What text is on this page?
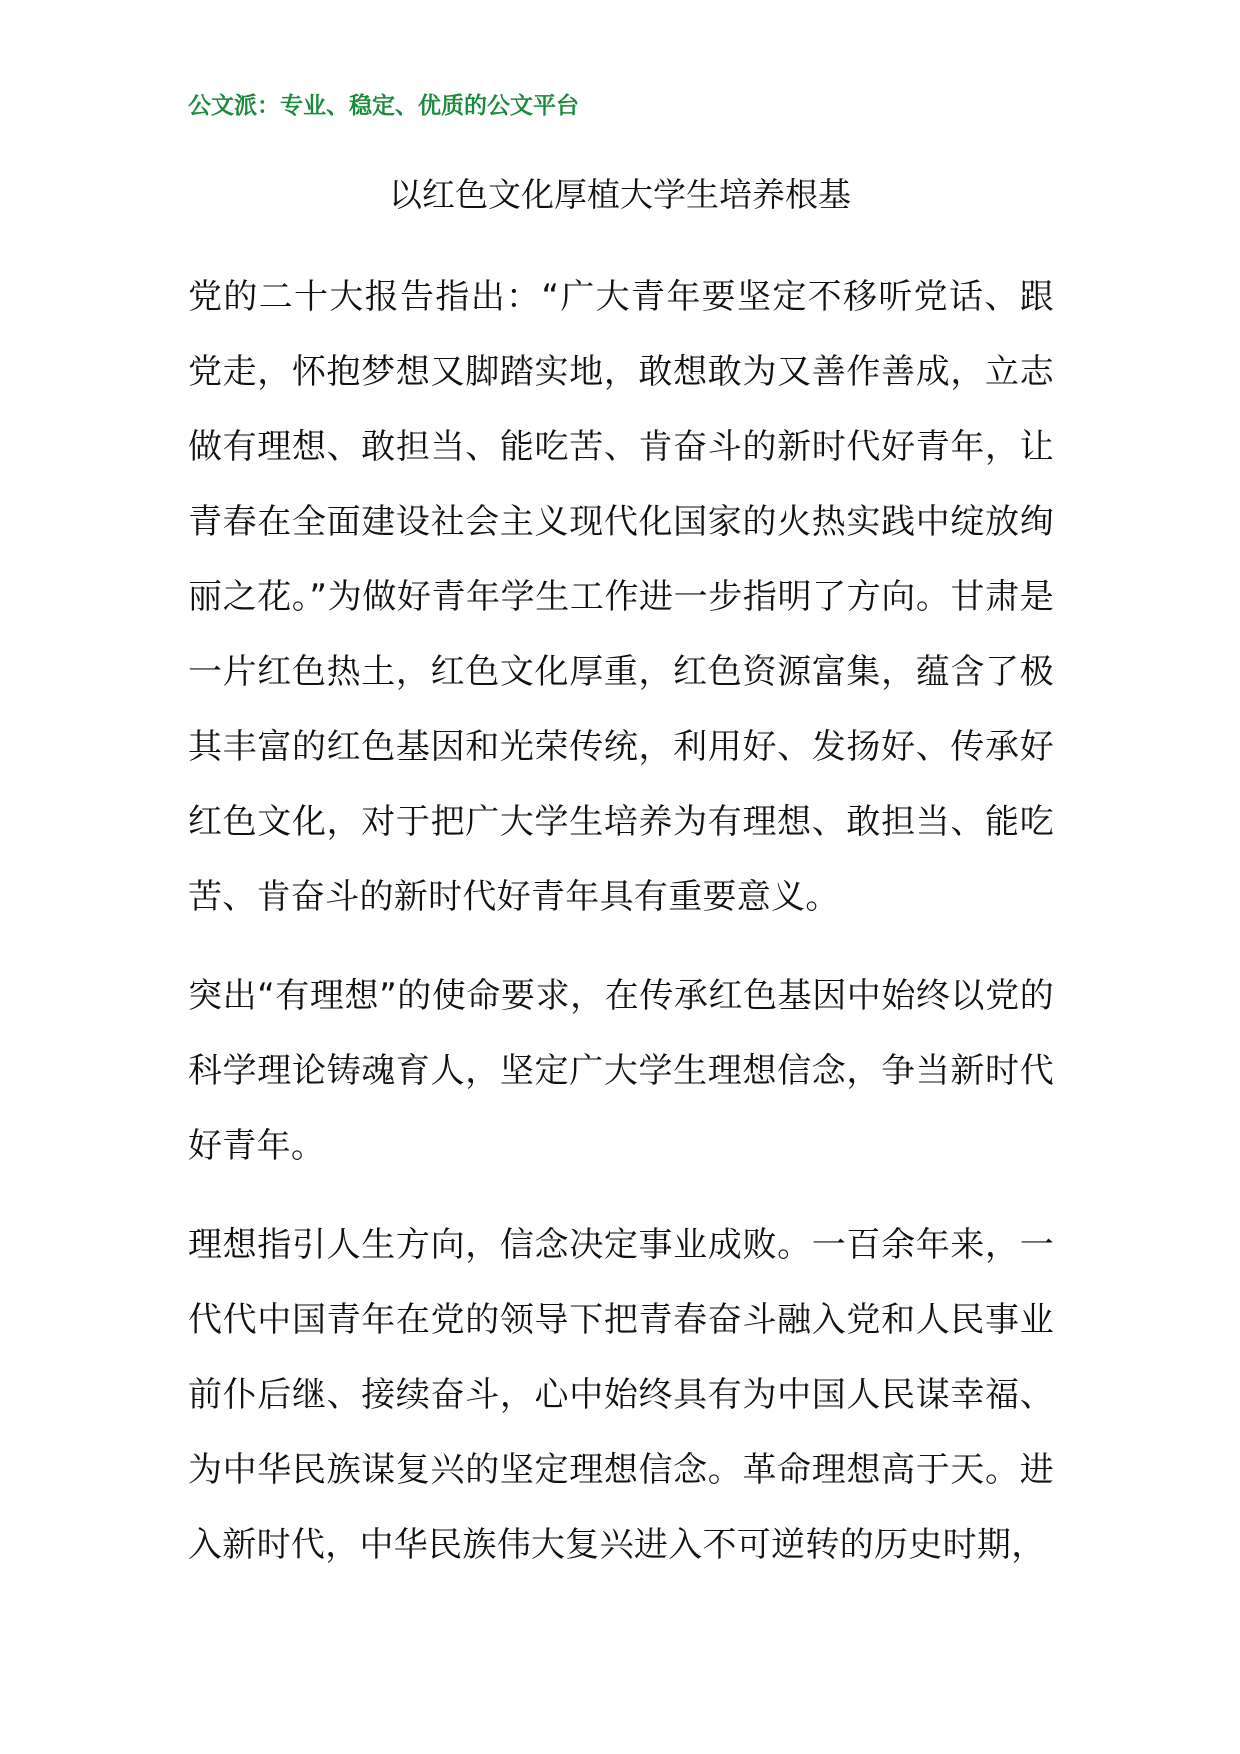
公文派：专业、稳定、优质的公文平台
以红色文化厚植大学生培养根基

党的二十大报告指出：“广大青年要坚定不移听党话、跟党走，怀抱梦想又脚踏实地，敢想敢为又善作善成，立志做有理想、敢担当、能吃苦、肯奋斗的新时代好青年，让青春在全面建设社会主义现代化国家的火热实践中绽放绚丽之花。”为做好青年学生工作进一步指明了方向。甘肃是一片红色热土，红色文化厚重，红色资源富集，蕴含了极其丰富的红色基因和光荣传统，利用好、发扬好、传承好红色文化，对于把广大学生培养为有理想、敢担当、能吃苦、肯奋斗的新时代好青年具有重要意义。

突出“有理想”的使命要求，在传承红色基因中始终以党的科学理论铸魂育人，坚定广大学生理想信念，争当新时代好青年。

理想指引人生方向，信念决定事业成败。一百余年来，一代代中国青年在党的领导下把青春奋斗融入党和人民事业前仆后继、接续奋斗，心中始终具有为中国人民谋幸福、为中华民族谋复兴的坚定理想信念。革命理想高于天。进入新时代，中华民族伟大复兴进入不可逆转的历史时期，
